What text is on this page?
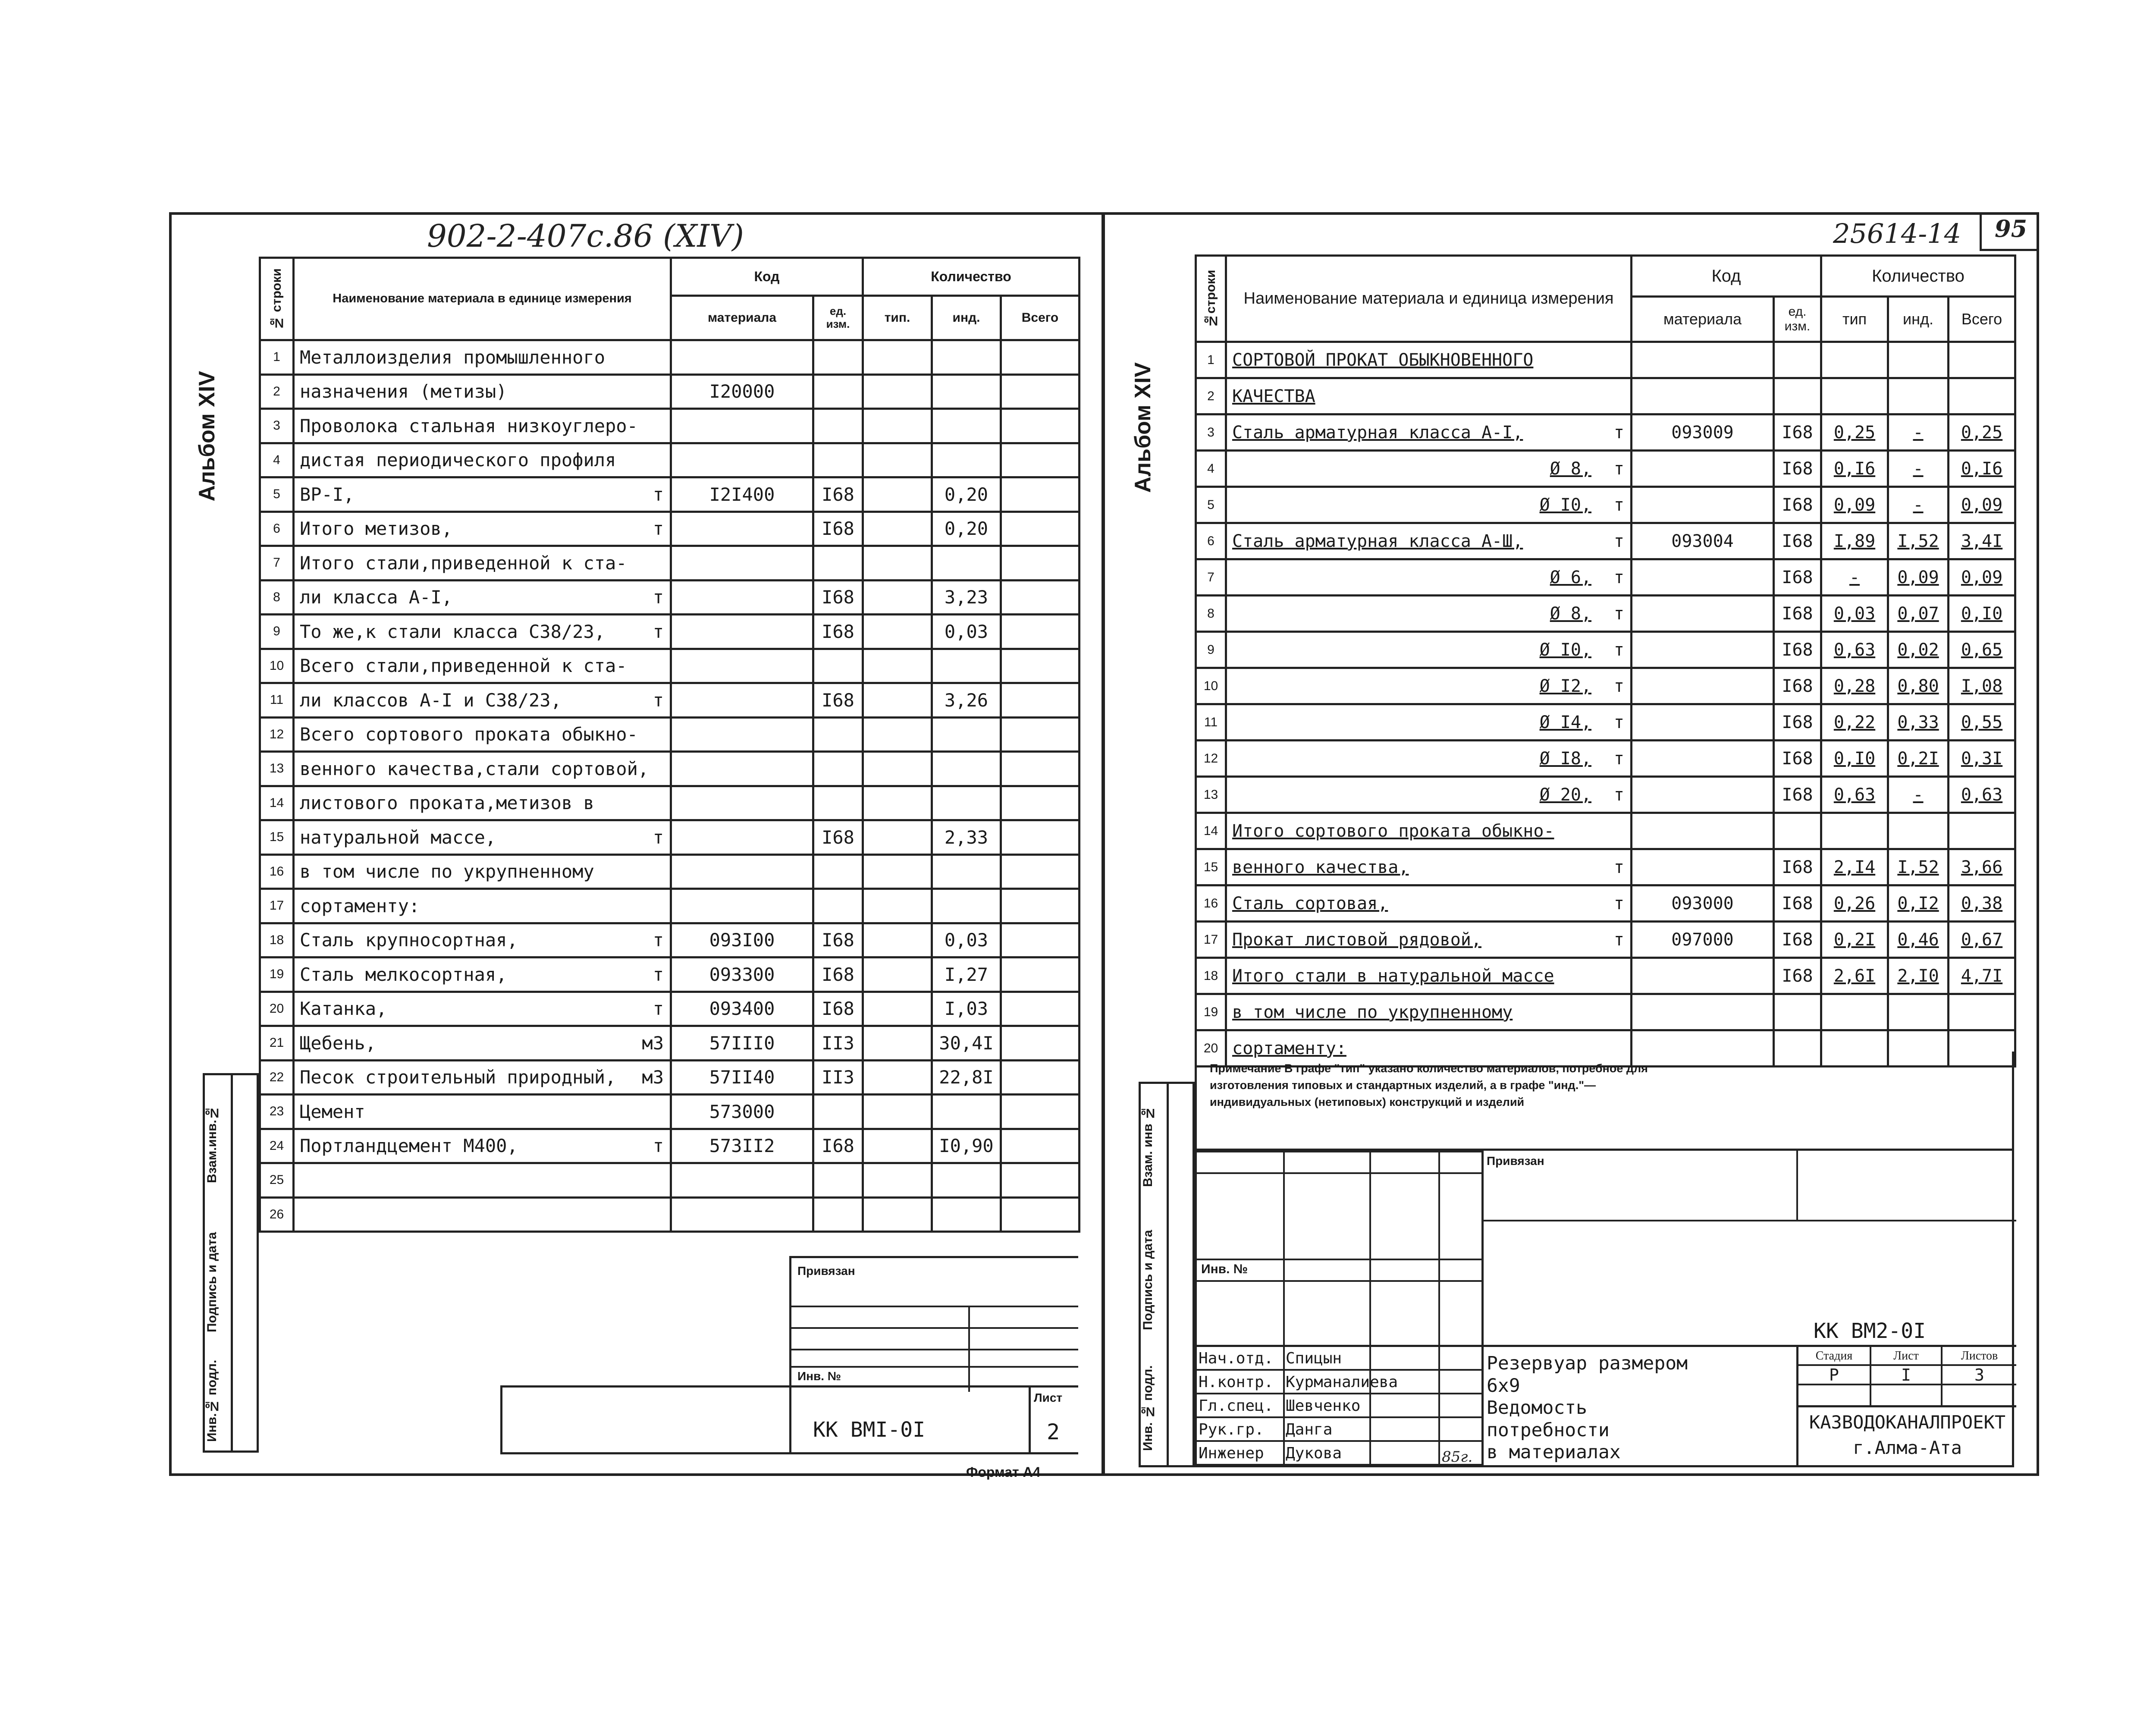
902-2-407с.86 (XIV)
Альбом XIV
№ строки	Наименование материала в единице измерения	Код		Количество		
		материала	ед. изм.	тип.	инд.	Всего
1	Металлоизделия промышленного

2	назначения (метизы)	I20000				
3	Проволока стальная низкоуглеро-

4	дистая периодического профиля

5	ВР-I, т	I2I400	I68		0,20	
6	Итого метизов, т		I68		0,20	
7	Итого стали,приведенной к ста-

8	ли класса А-I, т		I68		3,23	
9	То же,к стали класса С38/23, т		I68		0,03	
10	Всего стали,приведенной к ста-

11	ли классов А-I и С38/23, т		I68		3,26	
12	Всего сортового проката обыкно-

13	венного качества,стали сортовой,

14	листового проката,метизов в

15	натуральной массе, т		I68		2,33	
16	в том числе по укрупненному

17	сортаменту:

18	Сталь крупносортная, т	093I00	I68		0,03	
19	Сталь мелкосортная, т	093300	I68		I,27	
20	Катанка, т	093400	I68		I,03	
21	Щебень, м3	57III0	II3		30,4I	
22	Песок строительный природный, м3	57II40	II3		22,8I	
23	Цемент	573000				
24	Портландцемент М400, т	573II2	I68		I0,90	
25	

26	

Инв.№ подл.
Подпись и дата
Взам.инв.№
Привязан
Инв. №
КК ВМI-0I
Лист
2
Формат А4
25614-14 95
Альбом XIV
№строки	Наименование материала и единица измерения	Код		Количество		
		материала	ед. изм.	тип	инд.	Всего
1	СОРТОВОЙ ПРОКАТ ОБЫКНОВЕННОГО

2	КАЧЕСТВА

3	Сталь арматурная класса А-I, т	093009	I68	0,25	-	0,25
4	Ø 8, т		I68	0,I6	-	0,I6
5	Ø I0, т		I68	0,09	-	0,09
6	Сталь арматурная класса А-Ш, т	093004	I68	I,89	I,52	3,4I
7	Ø 6, т		I68	-	0,09	0,09
8	Ø 8, т		I68	0,03	0,07	0,I0
9	Ø I0, т		I68	0,63	0,02	0,65
10	Ø I2, т		I68	0,28	0,80	I,08
11	Ø I4, т		I68	0,22	0,33	0,55
12	Ø I8, т		I68	0,I0	0,2I	0,3I
13	Ø 20, т		I68	0,63	-	0,63
14	Итого сортового проката обыкно-

15	венного качества, т		I68	2,I4	I,52	3,66
16	Сталь сортовая, т	093000	I68	0,26	0,I2	0,38
17	Прокат листовой рядовой, т	097000	I68	0,2I	0,46	0,67
18	Итого стали в натуральной массе		I68	2,6I	2,I0	4,7I
19	в том числе по укрупненному

20	сортаменту:

Примечание В графе "тип" указано количество материалов, потребное для изготовления типовых и стандартных изделий, а в графе "инд."— индивидуальных (нетиповых) конструкций и изделий
Инв. № подл.
Подпись и дата
Взам. инв №
Инв. №
Привязан
КК ВМ2-0I
Нач.отд. Спицын
Н.контр. Курманалиева
Гл.спец. Шевченко
Рук.гр. Данга
Инженер Дукова	85г.
Резервуар размером 6х9
Ведомость потребности
в материалах
Стадия	Лист	Листов
Р	I	3
КАЗВОДОКАНАЛПРОЕКТ
г.Алма-Ата
